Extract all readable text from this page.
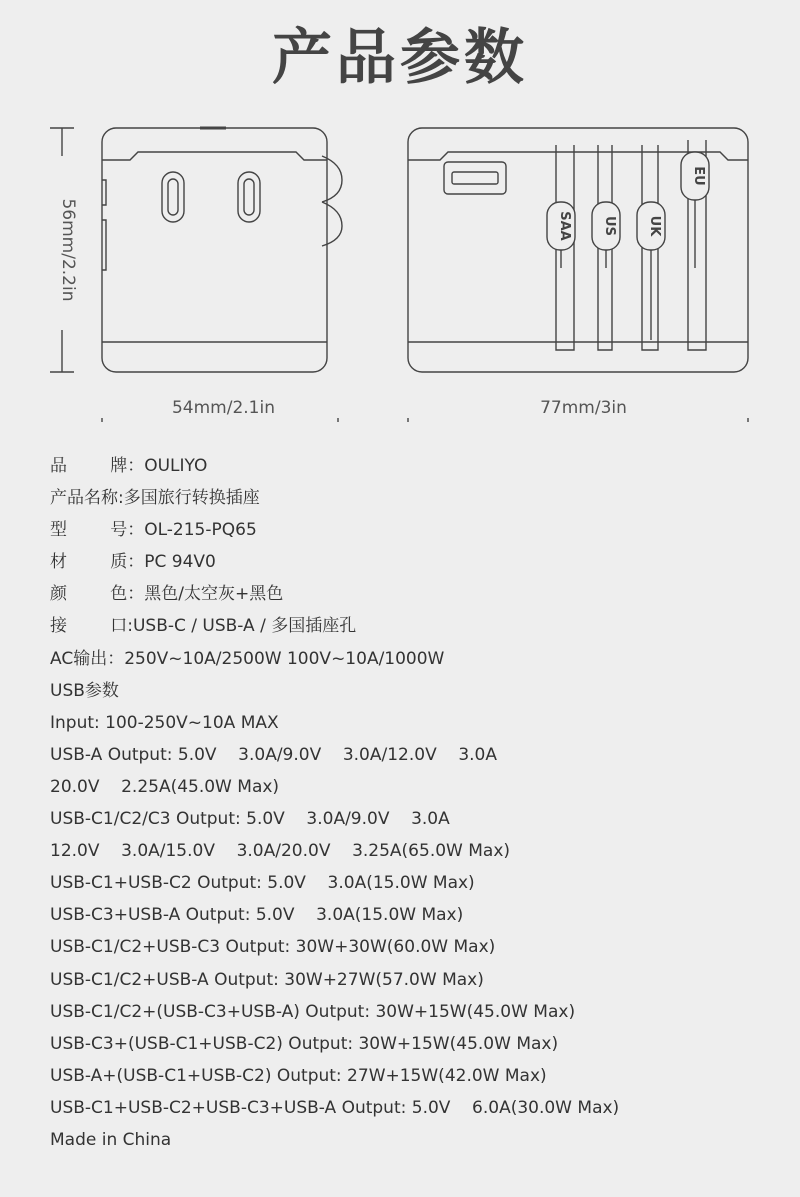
产品参数
SAA US UK
EU
56mm/2.2in
54mm/2.1in	77mm/3in
品        牌：OULIYO
产品名称:多国旅行转换插座
型        号：OL-215-PQ65
材        质：PC 94V0
颜        色：黑色/太空灰+黑色
接        口:USB-C / USB-A / 多国插座孔
AC输出：250V~10A/2500W 100V~10A/1000W
USB参数
Input: 100-250V~10A MAX
USB-A Output: 5.0V    3.0A/9.0V    3.0A/12.0V    3.0A
20.0V    2.25A(45.0W Max)
USB-C1/C2/C3 Output: 5.0V    3.0A/9.0V    3.0A
12.0V    3.0A/15.0V    3.0A/20.0V    3.25A(65.0W Max)
USB-C1+USB-C2 Output: 5.0V    3.0A(15.0W Max)
USB-C3+USB-A Output: 5.0V    3.0A(15.0W Max)
USB-C1/C2+USB-C3 Output: 30W+30W(60.0W Max)
USB-C1/C2+USB-A Output: 30W+27W(57.0W Max)
USB-C1/C2+(USB-C3+USB-A) Output: 30W+15W(45.0W Max)
USB-C3+(USB-C1+USB-C2) Output: 30W+15W(45.0W Max)
USB-A+(USB-C1+USB-C2) Output: 27W+15W(42.0W Max)
USB-C1+USB-C2+USB-C3+USB-A Output: 5.0V    6.0A(30.0W Max)
Made in China
